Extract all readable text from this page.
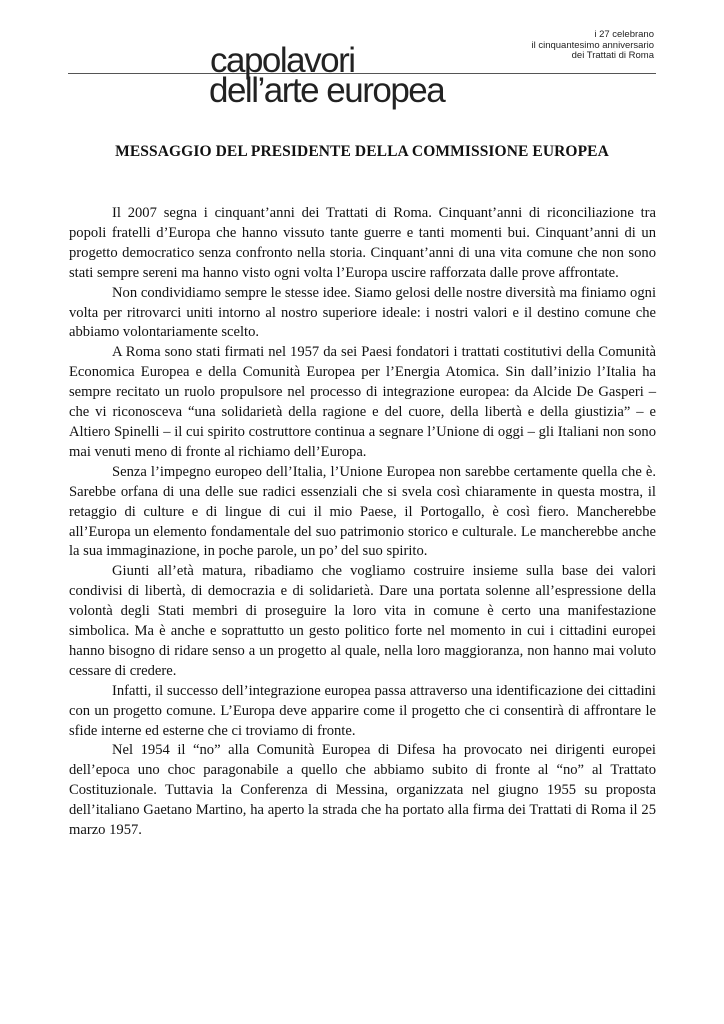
i 27 celebrano
il cinquantesimo anniversario
dei Trattati di Roma

capolavori
dell’arte europea
MESSAGGIO DEL PRESIDENTE DELLA COMMISSIONE EUROPEA

Il 2007 segna i cinquant’anni dei Trattati di Roma. Cinquant’anni di riconciliazione tra popoli fratelli d’Europa che hanno vissuto tante guerre e tanti momenti bui. Cinquant’anni di un progetto democratico senza confronto nella storia. Cinquant’anni di una vita comune che non sono stati sempre sereni ma hanno visto ogni volta l’Europa uscire rafforzata dalle prove affrontate.

Non condividiamo sempre le stesse idee. Siamo gelosi delle nostre diversità ma finiamo ogni volta per ritrovarci uniti intorno al nostro superiore ideale: i nostri valori e il destino comune che abbiamo volontariamente scelto.

A Roma sono stati firmati nel 1957 da sei Paesi fondatori i trattati costitutivi della Comunità Economica Europea e della Comunità Europea per l’Energia Atomica. Sin dall’inizio l’Italia ha sempre recitato un ruolo propulsore nel processo di integrazione europea: da Alcide De Gasperi – che vi riconosceva “una solidarietà della ragione e del cuore, della libertà e della giustizia” – e Altiero Spinelli – il cui spirito costruttore continua a segnare l’Unione di oggi – gli Italiani non sono mai venuti meno di fronte al richiamo dell’Europa.

Senza l’impegno europeo dell’Italia, l’Unione Europea non sarebbe certamente quella che è. Sarebbe orfana di una delle sue radici essenziali che si svela così chiaramente in questa mostra, il retaggio di culture e di lingue di cui il mio Paese, il Portogallo, è così fiero. Mancherebbe all’Europa un elemento fondamentale del suo patrimonio storico e culturale. Le mancherebbe anche la sua immaginazione, in poche parole, un po’ del suo spirito.

Giunti all’età matura, ribadiamo che vogliamo costruire insieme sulla base dei valori condivisi di libertà, di democrazia e di solidarietà. Dare una portata solenne all’espressione della volontà degli Stati membri di proseguire la loro vita in comune è certo una manifestazione simbolica. Ma è anche e soprattutto un gesto politico forte nel momento in cui i cittadini europei hanno bisogno di ridare senso a un progetto al quale, nella loro maggioranza, non hanno mai voluto cessare di credere.

Infatti, il successo dell’integrazione europea passa attraverso una identificazione dei cittadini con un progetto comune. L’Europa deve apparire come il progetto che ci consentirà di affrontare le sfide interne ed esterne che ci troviamo di fronte.

Nel 1954 il “no” alla Comunità Europea di Difesa ha provocato nei dirigenti europei dell’epoca uno choc paragonabile a quello che abbiamo subito di fronte al “no” al Trattato Costituzionale. Tuttavia la Conferenza di Messina, organizzata nel giugno 1955 su proposta dell’italiano Gaetano Martino, ha aperto la strada che ha portato alla firma dei Trattati di Roma il 25 marzo 1957.
